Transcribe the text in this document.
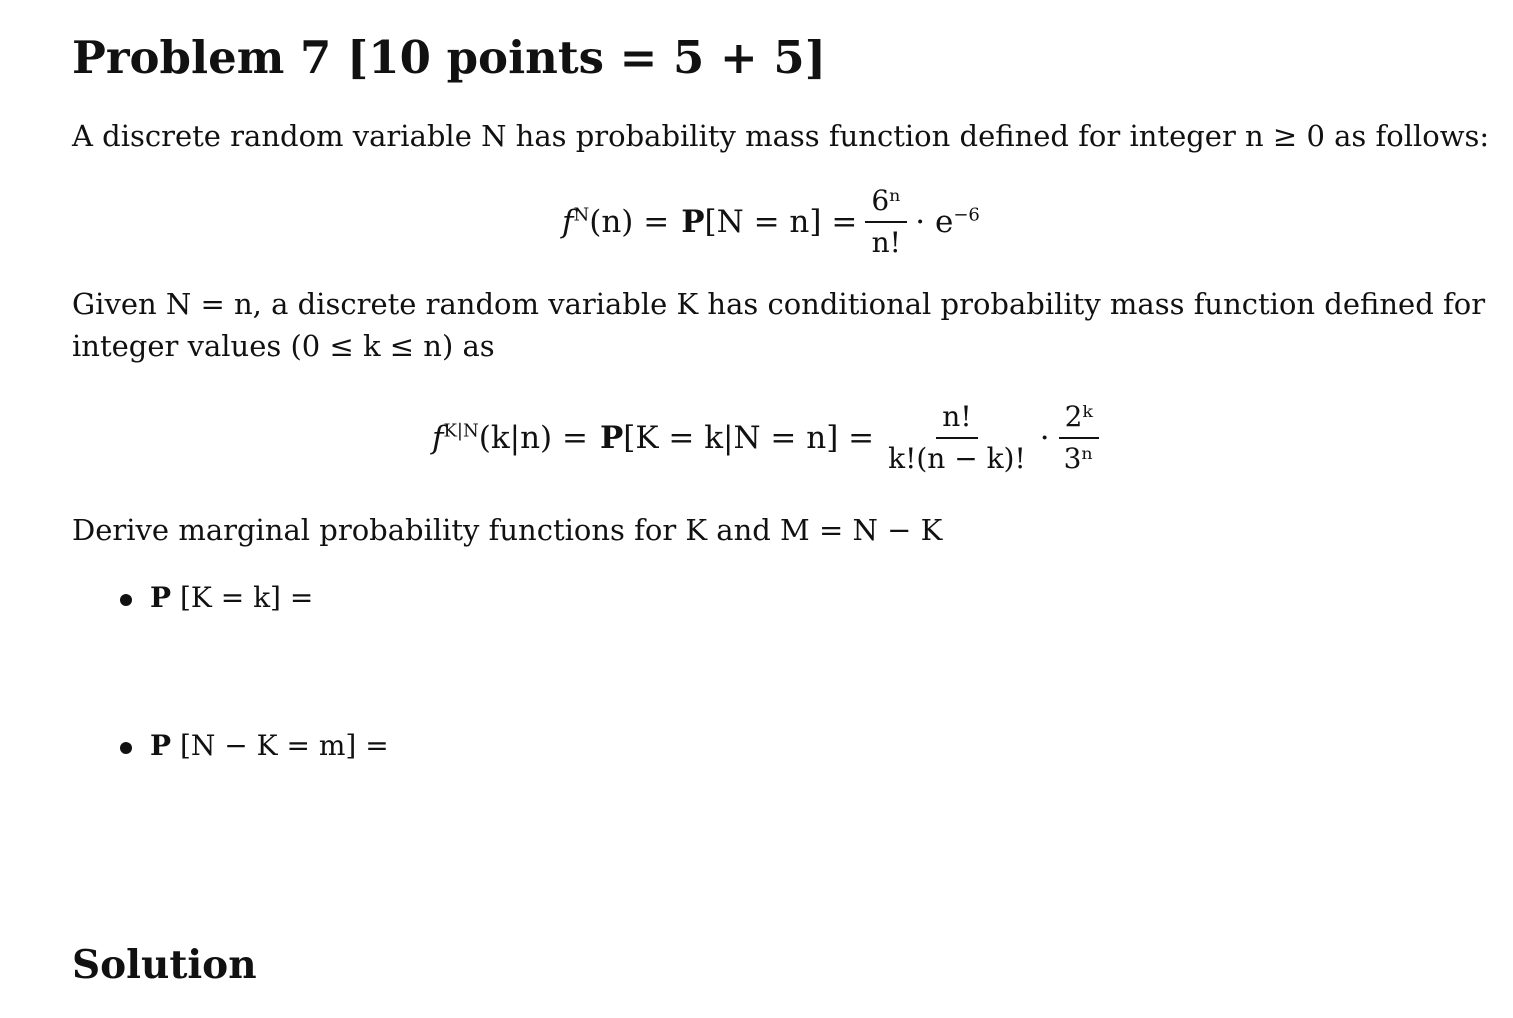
Problem 7 [10 points = 5 + 5]
A discrete random variable N has probability mass function defined for integer n ≥ 0 as follows:
$f^N$ (n) = P $[N = n] = \frac{\text{6ⁿ}}{n!} \cdot e^{-6}$
Given N = n, a discrete random variable K has conditional probability mass function defined for
integer values (0 ≤ k ≤ n) as
$f^{K|N}$ (k|n) = P $[K = k|N = n] = \frac{n!}{k!(n - k)!} \cdot \frac{\text{2ᵏ}}{\text{3ⁿ}}$
Derive marginal probability functions for K and M = N − K
P [K = k] =
P [N − K = m] =
Solution
